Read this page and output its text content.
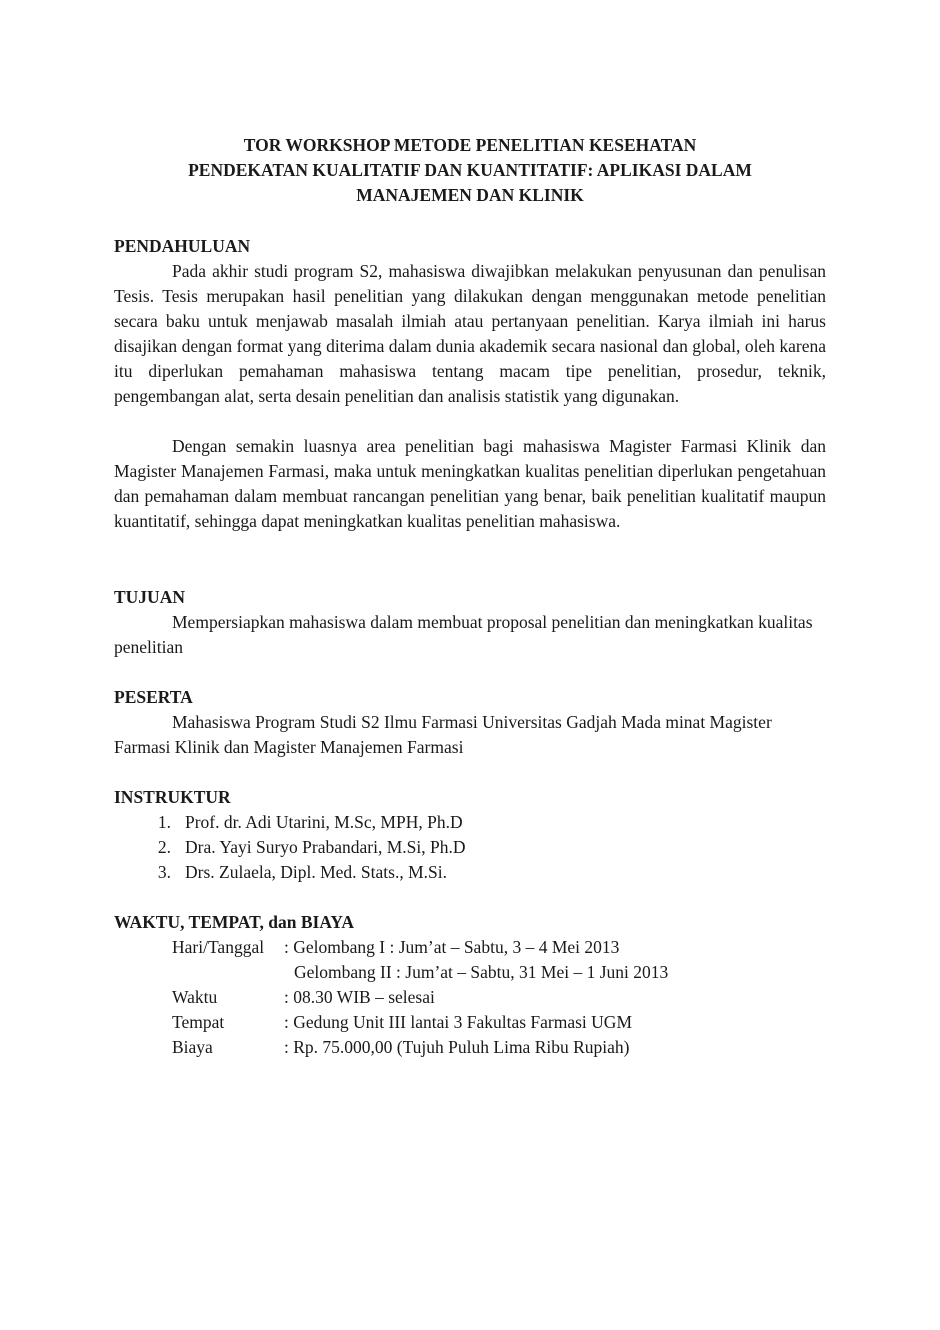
TOR WORKSHOP METODE PENELITIAN KESEHATAN
PENDEKATAN KUALITATIF DAN KUANTITATIF: APLIKASI DALAM
MANAJEMEN DAN KLINIK
PENDAHULUAN

Pada akhir studi program S2, mahasiswa diwajibkan melakukan penyusunan dan penulisan Tesis. Tesis merupakan hasil penelitian yang dilakukan dengan menggunakan metode penelitian secara baku untuk menjawab masalah ilmiah atau pertanyaan penelitian. Karya ilmiah ini harus disajikan dengan format yang diterima dalam dunia akademik secara nasional dan global, oleh karena itu diperlukan pemahaman mahasiswa tentang macam tipe penelitian, prosedur, teknik, pengembangan alat, serta desain penelitian dan analisis statistik yang digunakan.

Dengan semakin luasnya area penelitian bagi mahasiswa Magister Farmasi Klinik dan Magister Manajemen Farmasi, maka untuk meningkatkan kualitas penelitian diperlukan pengetahuan dan pemahaman dalam membuat rancangan penelitian yang benar, baik penelitian kualitatif maupun kuantitatif, sehingga dapat meningkatkan kualitas penelitian mahasiswa.

TUJUAN

Mempersiapkan mahasiswa dalam membuat proposal penelitian dan meningkatkan kualitas penelitian

PESERTA

Mahasiswa Program Studi S2 Ilmu Farmasi Universitas Gadjah Mada minat Magister Farmasi Klinik dan Magister Manajemen Farmasi

INSTRUKTUR
1. Prof. dr. Adi Utarini, M.Sc, MPH, Ph.D
2. Dra. Yayi Suryo Prabandari, M.Si, Ph.D
3. Drs. Zulaela, Dipl. Med. Stats., M.Si.
WAKTU, TEMPAT, dan BIAYA
Hari/Tanggal : Gelombang I : Jum’at – Sabtu, 3 – 4 Mei 2013
Gelombang II : Jum’at – Sabtu, 31 Mei – 1 Juni 2013
Waktu	: 08.30 WIB – selesai
Tempat	: Gedung Unit III lantai 3 Fakultas Farmasi UGM
Biaya	: Rp. 75.000,00 (Tujuh Puluh Lima Ribu Rupiah)
